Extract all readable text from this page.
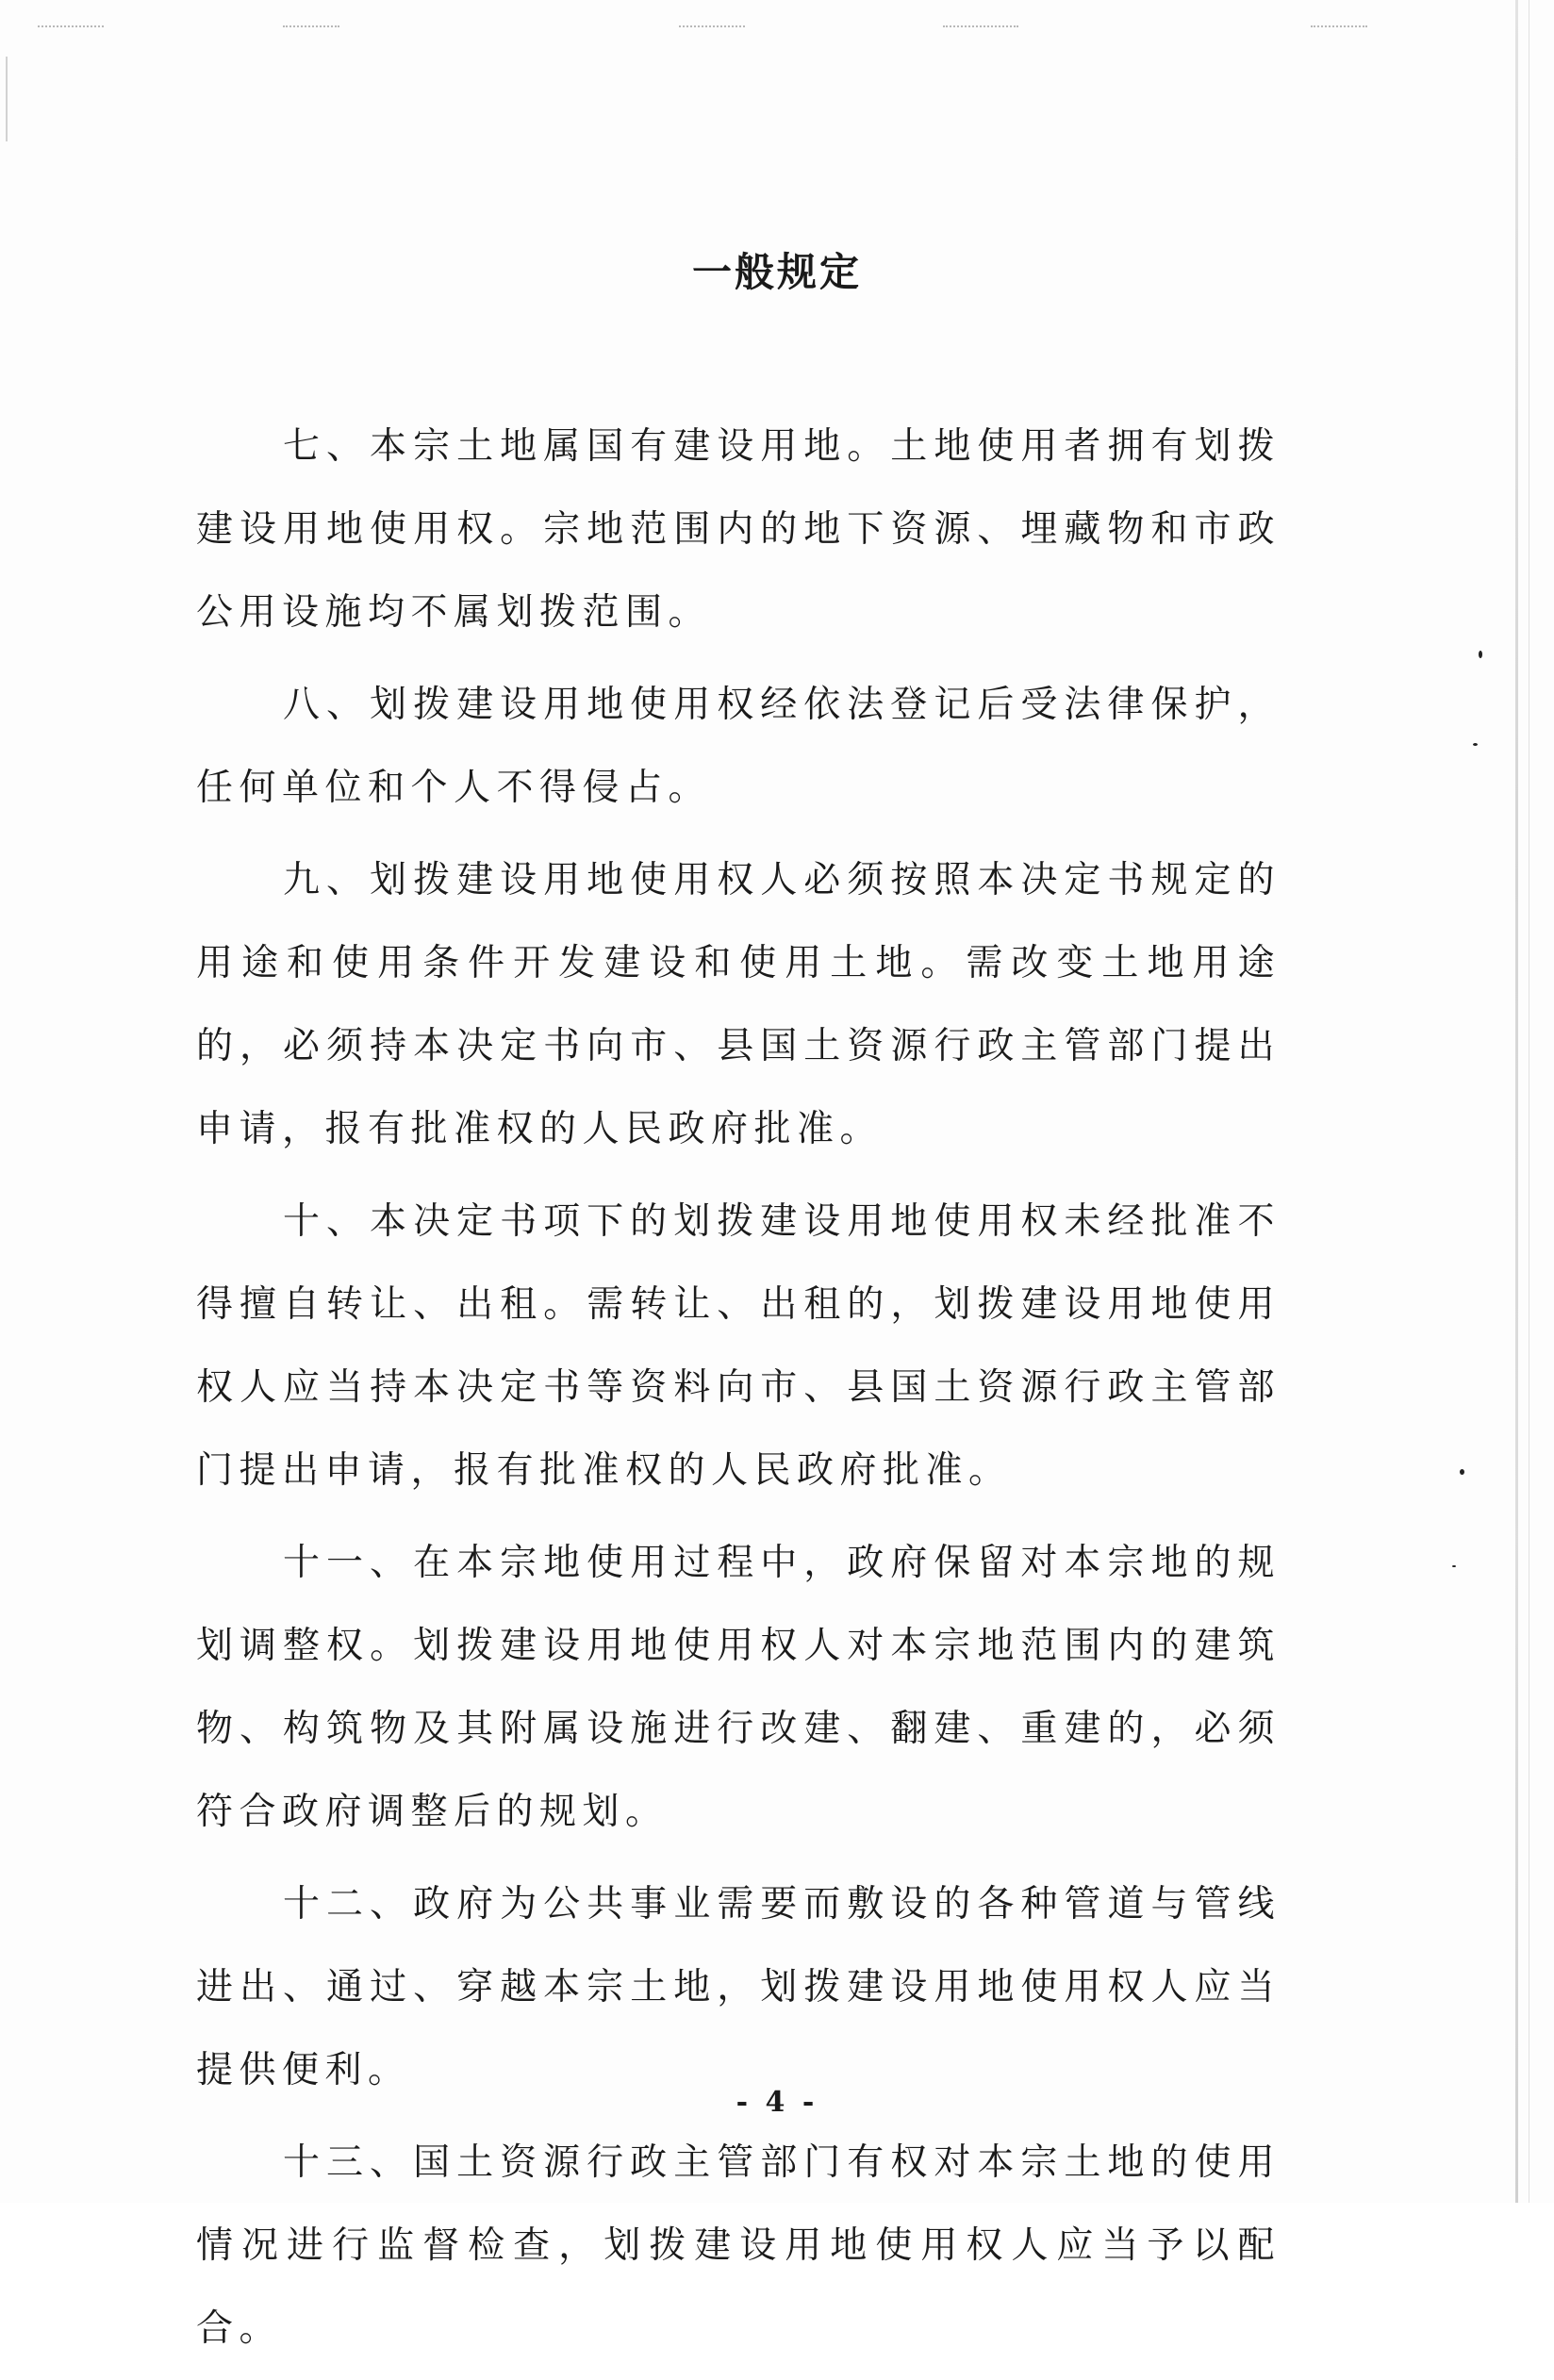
一般规定

七、本宗土地属国有建设用地。土地使用者拥有划拨建设用地使用权。宗地范围内的地下资源、埋藏物和市政公用设施均不属划拨范围。

八、划拨建设用地使用权经依法登记后受法律保护，任何单位和个人不得侵占。

九、划拨建设用地使用权人必须按照本决定书规定的用途和使用条件开发建设和使用土地。需改变土地用途的，必须持本决定书向市、县国土资源行政主管部门提出申请，报有批准权的人民政府批准。

十、本决定书项下的划拨建设用地使用权未经批准不得擅自转让、出租。需转让、出租的，划拨建设用地使用权人应当持本决定书等资料向市、县国土资源行政主管部门提出申请，报有批准权的人民政府批准。

十一、在本宗地使用过程中，政府保留对本宗地的规划调整权。划拨建设用地使用权人对本宗地范围内的建筑物、构筑物及其附属设施进行改建、翻建、重建的，必须符合政府调整后的规划。

十二、政府为公共事业需要而敷设的各种管道与管线进出、通过、穿越本宗土地，划拨建设用地使用权人应当提供便利。

十三、国土资源行政主管部门有权对本宗土地的使用情况进行监督检查，划拨建设用地使用权人应当予以配合。

- 4 -
